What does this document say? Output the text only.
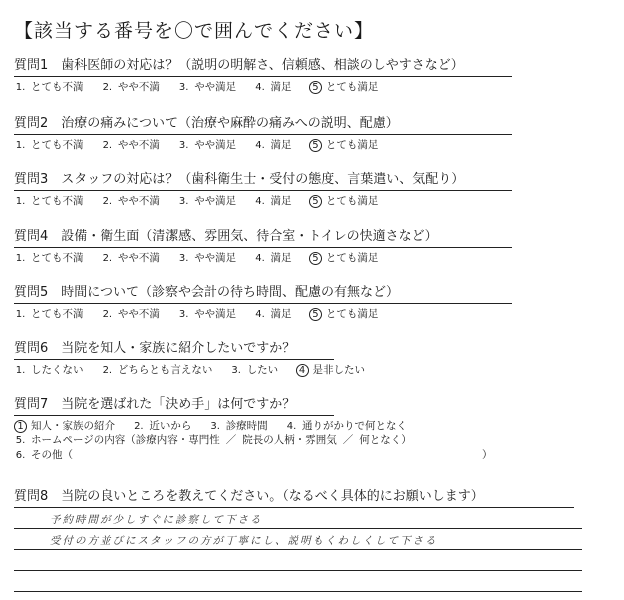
【該当する番号を〇で囲んでください】
質問1　歯科医師の対応は？（説明の明解さ、信頼感、相談のしやすさなど）
1. とても不満 2. やや不満 3. やや満足 4. 満足 5 とても満足
質問2　治療の痛みについて（治療や麻酔の痛みへの説明、配慮）
1. とても不満 2. やや不満 3. やや満足 4. 満足 5 とても満足
質問3　スタッフの対応は？（歯科衛生士・受付の態度、言葉遣い、気配り）
1. とても不満 2. やや不満 3. やや満足 4. 満足 5 とても満足
質問4　設備・衛生面（清潔感、雰囲気、待合室・トイレの快適さなど）
1. とても不満 2. やや不満 3. やや満足 4. 満足 5 とても満足
質問5　時間について（診察や会計の待ち時間、配慮の有無など）
1. とても不満 2. やや不満 3. やや満足 4. 満足 5 とても満足
質問6　当院を知人・家族に紹介したいですか？
1. したくない 2. どちらとも言えない 3. したい 4 是非したい
質問7　当院を選ばれた「決め手」は何ですか？
1 知人・家族の紹介 2. 近いから 3. 診療時間 4. 通りがかりで何となく
5. ホームページの内容（診療内容・専門性 ／ 院長の人柄・雰囲気 ／ 何となく）
6. その他（	）
質問8　当院の良いところを教えてください。（なるべく具体的にお願いします）
予約時間が少しすぐに診察して下さる
受付の方並びにスタッフの方が丁寧にし、説明もくわしくして下さる
